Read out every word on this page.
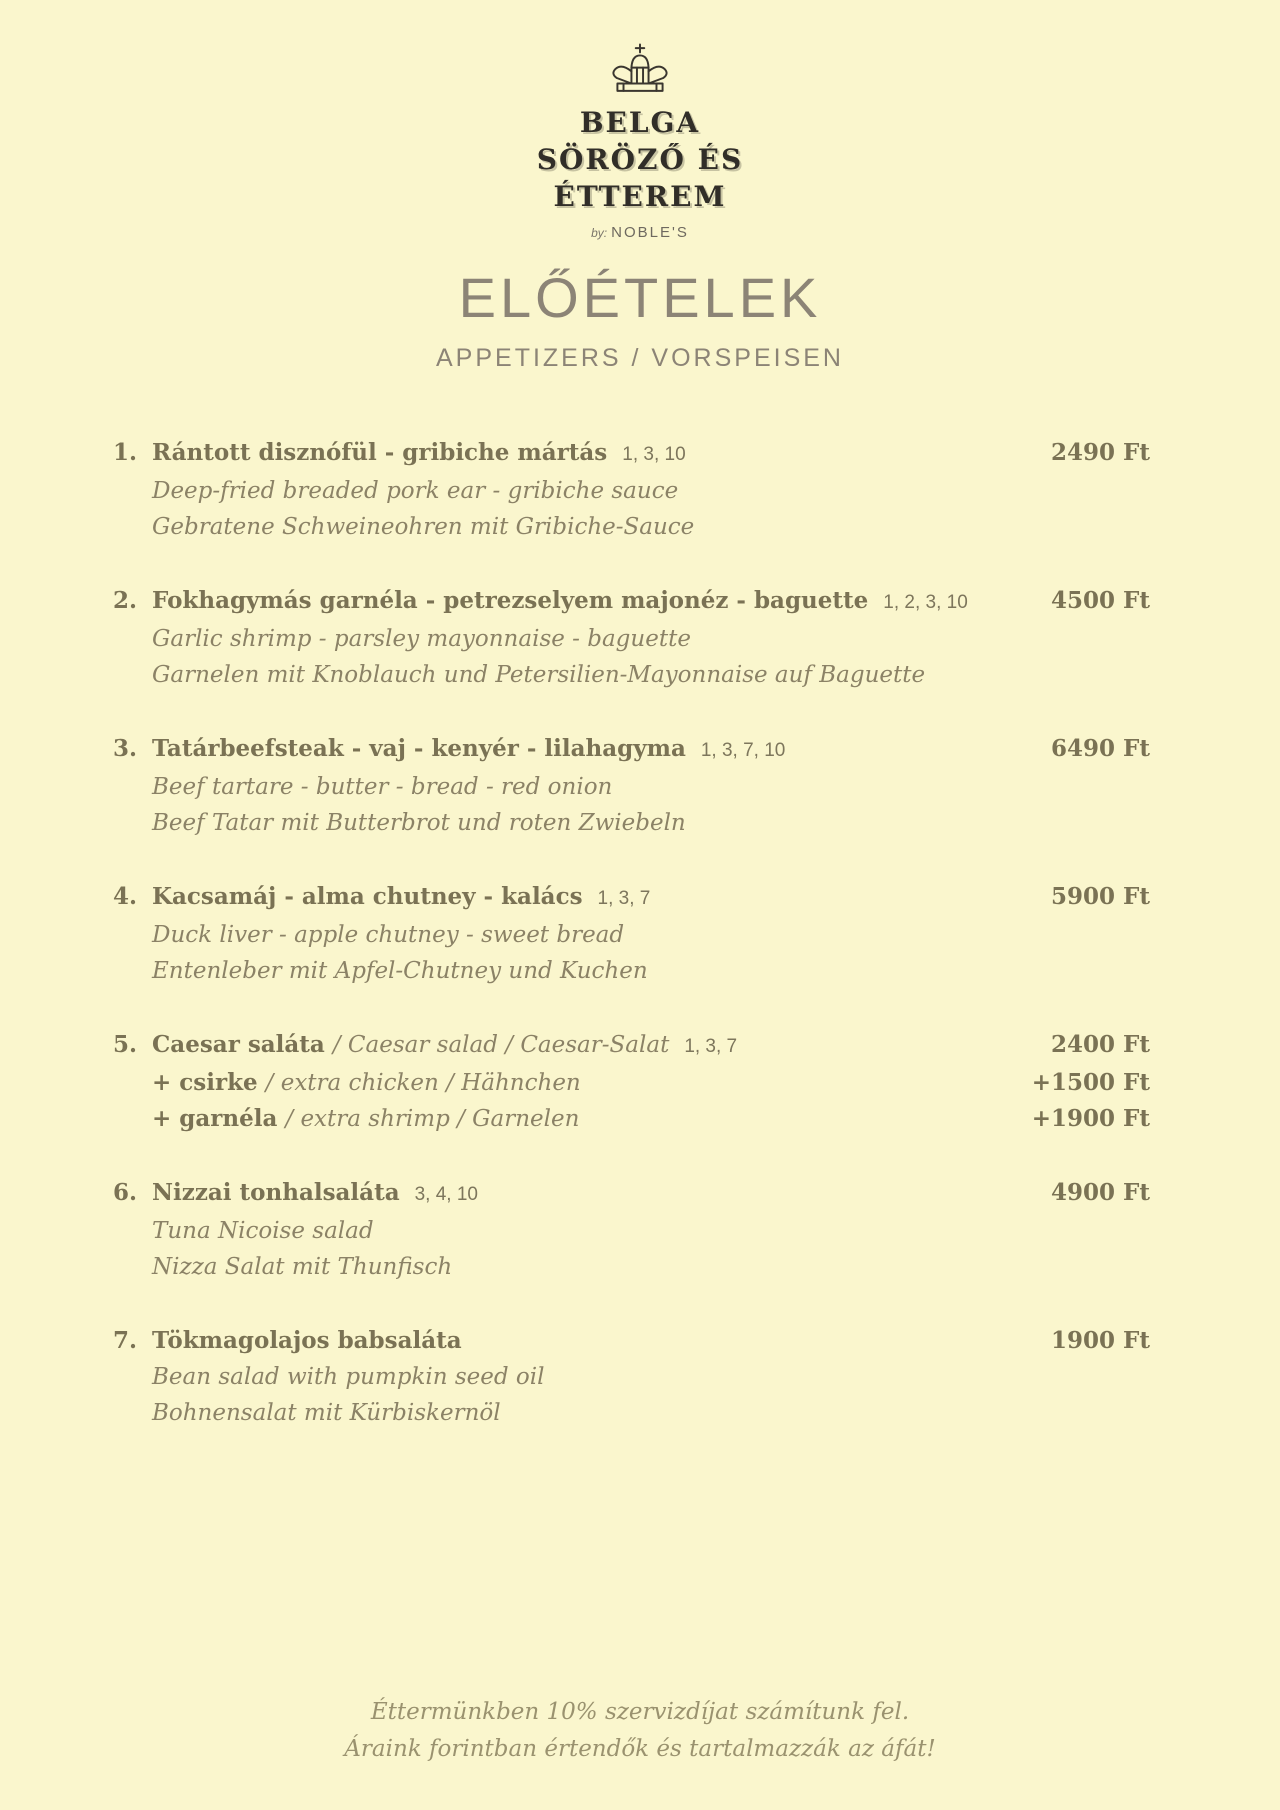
BELGA
SÖRÖZŐ ÉS
ÉTTEREM
by: NOBLE'S
ELŐÉTELEK
APPETIZERS / VORSPEISEN
1. Rántott disznófül - gribiche mártás 1, 3, 10	2490 Ft
Deep-fried breaded pork ear - gribiche sauce
Gebratene Schweineohren mit Gribiche-Sauce
2. Fokhagymás garnéla - petrezselyem majonéz - baguette 1, 2, 3, 10	4500 Ft
Garlic shrimp - parsley mayonnaise - baguette
Garnelen mit Knoblauch und Petersilien-Mayonnaise auf Baguette
3. Tatárbeefsteak - vaj - kenyér - lilahagyma 1, 3, 7, 10	6490 Ft
Beef tartare - butter - bread - red onion
Beef Tatar mit Butterbrot und roten Zwiebeln
4. Kacsamáj - alma chutney - kalács 1, 3, 7	5900 Ft
Duck liver - apple chutney - sweet bread
Entenleber mit Apfel-Chutney und Kuchen
5. Caesar saláta / Caesar salad / Caesar-Salat 1, 3, 7	2400 Ft
+ csirke / extra chicken / Hähnchen	+1500 Ft
+ garnéla / extra shrimp / Garnelen	+1900 Ft
6. Nizzai tonhalsaláta 3, 4, 10	4900 Ft
Tuna Nicoise salad
Nizza Salat mit Thunfisch
7. Tökmagolajos babsaláta	1900 Ft
Bean salad with pumpkin seed oil
Bohnensalat mit Kürbiskernöl
Éttermünkben 10% szervizdíjat számítunk fel.
Áraink forintban értendők és tartalmazzák az áfát!
